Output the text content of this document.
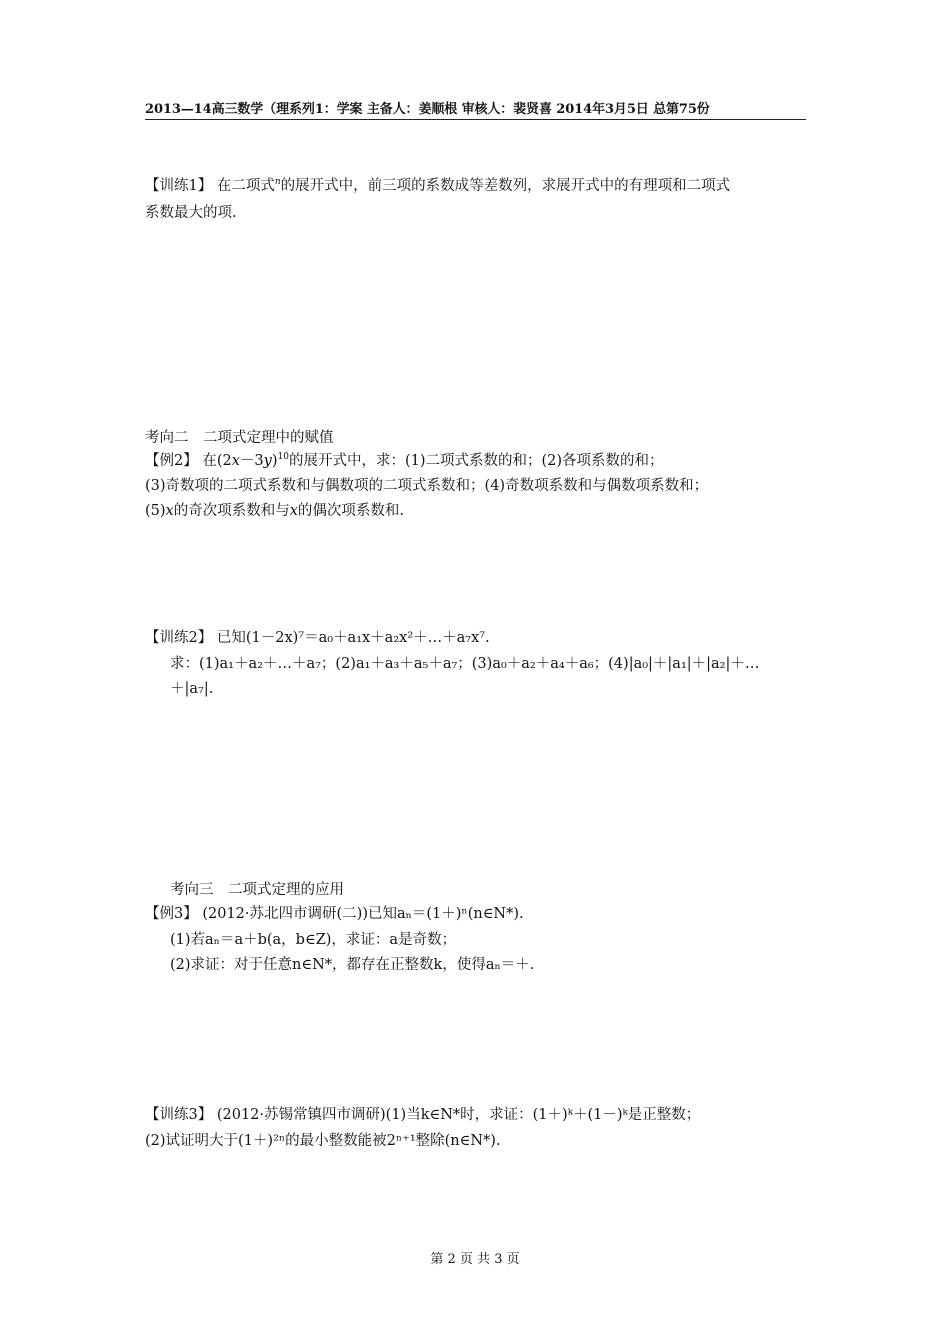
2013—14高三数学（理系列1：学案 主备人：姜顺根 审核人：裴贤喜 2014年3月5日 总第75份
【训练1】 在二项式$^n$的展开式中，前三项的系数成等差数列，求展开式中的有理项和二项式
系数最大的项.
考向二　二项式定理中的赋值
【例2】 在$(2x-3y)^{10}$的展开式中，求：(1)二项式系数的和；(2)各项系数的和；
(3)奇数项的二项式系数和与偶数项的二项式系数和；(4)奇数项系数和与偶数项系数和；
(5)x的奇次项系数和与x的偶次项系数和.
【训练2】 已知(1－2x)⁷＝a₀＋a₁x＋a₂x²＋…＋a₇x⁷.
求：(1)a₁＋a₂＋…＋a₇；(2)a₁＋a₃＋a₅＋a₇；(3)a₀＋a₂＋a₄＋a₆；(4)|a₀|＋|a₁|＋|a₂|＋…
＋|a₇|.
考向三　二项式定理的应用
【例3】 (2012·苏北四市调研(二))已知aₙ＝(1＋)ⁿ(n∈N*).
(1)若aₙ＝a＋b(a，b∈Z)，求证：a是奇数；
(2)求证：对于任意n∈N*，都存在正整数k，使得aₙ＝＋.
【训练3】 (2012·苏锡常镇四市调研)(1)当k∈N*时，求证：(1＋)ᵏ＋(1－)ᵏ是正整数；
(2)试证明大于(1＋)²ⁿ的最小整数能被2ⁿ⁺¹整除(n∈N*).
第 2 页 共 3 页
